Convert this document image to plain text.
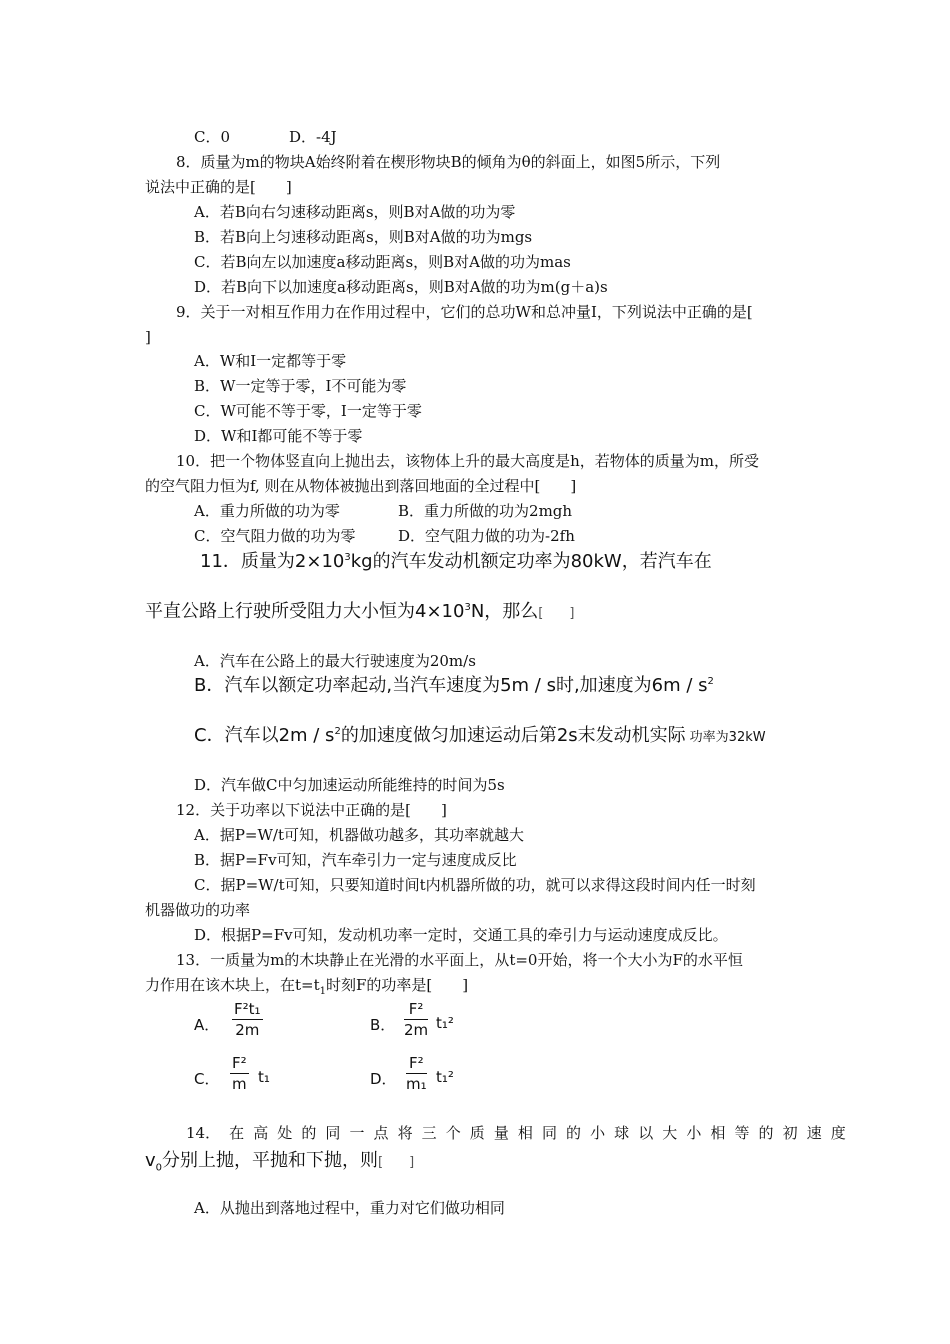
C．0	D．-4J
8．质量为m的物块A始终附着在楔形物块B的倾角为θ的斜面上，如图5所示，下列
说法中正确的是[　　]
A．若B向右匀速移动距离s，则B对A做的功为零
B．若B向上匀速移动距离s，则B对A做的功为mgs
C．若B向左以加速度a移动距离s，则B对A做的功为mas
D．若B向下以加速度a移动距离s，则B对A做的功为m(g＋a)s
9．关于一对相互作用力在作用过程中，它们的总功W和总冲量I，下列说法中正确的是[
]
A．W和I一定都等于零
B．W一定等于零，I不可能为零
C．W可能不等于零，I一定等于零
D．W和I都可能不等于零
10．把一个物体竖直向上抛出去，该物体上升的最大高度是h，若物体的质量为m，所受
的空气阻力恒为f, 则在从物体被抛出到落回地面的全过程中[　　]
A．重力所做的功为零	B．重力所做的功为2mgh
C．空气阻力做的功为零	D．空气阻力做的功为-2fh
11．质量为$2\times 10^3kg$的汽车发动机额定功率为80kW，若汽车在
平直公路上行驶所受阻力大小恒为$4\times 10^3N$，那么[　　]
A．汽车在公路上的最大行驶速度为20m/s
B．汽车以额定功率起动,当汽车速度为5m / s时,加速度为$6m / s^2$
C．汽车以$2m / s^2$的加速度做匀加速运动后第2s末发动机实际 功率为32kW
D．汽车做C中匀加速运动所能维持的时间为5s
12．关于功率以下说法中正确的是[　　]
A．据P=W/t可知，机器做功越多，其功率就越大
B．据P=Fv可知，汽车牵引力一定与速度成反比
C．据P=W/t可知，只要知道时间t内机器所做的功，就可以求得这段时间内任一时刻
机器做功的功率
D．根据P=Fv可知，发动机功率一定时，交通工具的牵引力与运动速度成反比。
13．一质量为m的木块静止在光滑的水平面上，从t=0开始，将一个大小为F的水平恒
力作用在该木块上，在$t=t_1$时刻F的功率是[　　]
A．
F²t₁
2m	B．
F²
2m t₁²
C．
F²
m t₁	D．
F²
m₁ t₁²
14． 在 高 处 的 同 一 点 将 三 个 质 量 相 同 的 小 球 以 大 小 相 等 的 初 速 度
$v_0$分别上抛，平抛和下抛，则[　　]
A．从抛出到落地过程中，重力对它们做功相同
